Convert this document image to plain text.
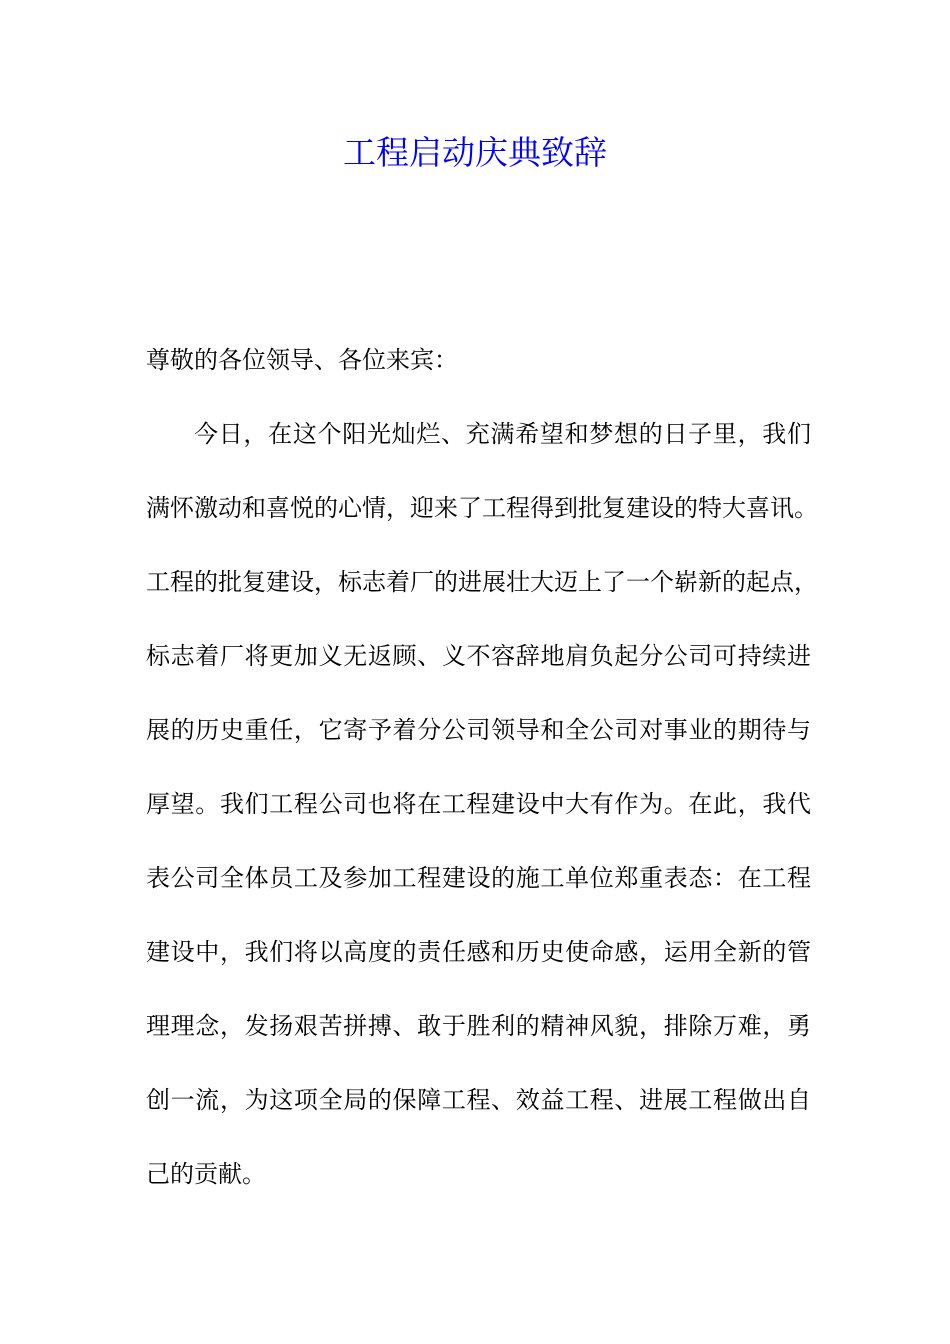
工程启动庆典致辞
尊敬的各位领导、各位来宾：
今日，在这个阳光灿烂、充满希望和梦想的日子里，我们
满怀激动和喜悦的心情，迎来了工程得到批复建设的特大喜讯。
工程的批复建设，标志着厂的进展壮大迈上了一个崭新的起点，
标志着厂将更加义无返顾、义不容辞地肩负起分公司可持续进
展的历史重任，它寄予着分公司领导和全公司对事业的期待与
厚望。我们工程公司也将在工程建设中大有作为。在此，我代
表公司全体员工及参加工程建设的施工单位郑重表态：在工程
建设中，我们将以高度的责任感和历史使命感，运用全新的管
理理念，发扬艰苦拼搏、敢于胜利的精神风貌，排除万难，勇
创一流，为这项全局的保障工程、效益工程、进展工程做出自
己的贡献。
